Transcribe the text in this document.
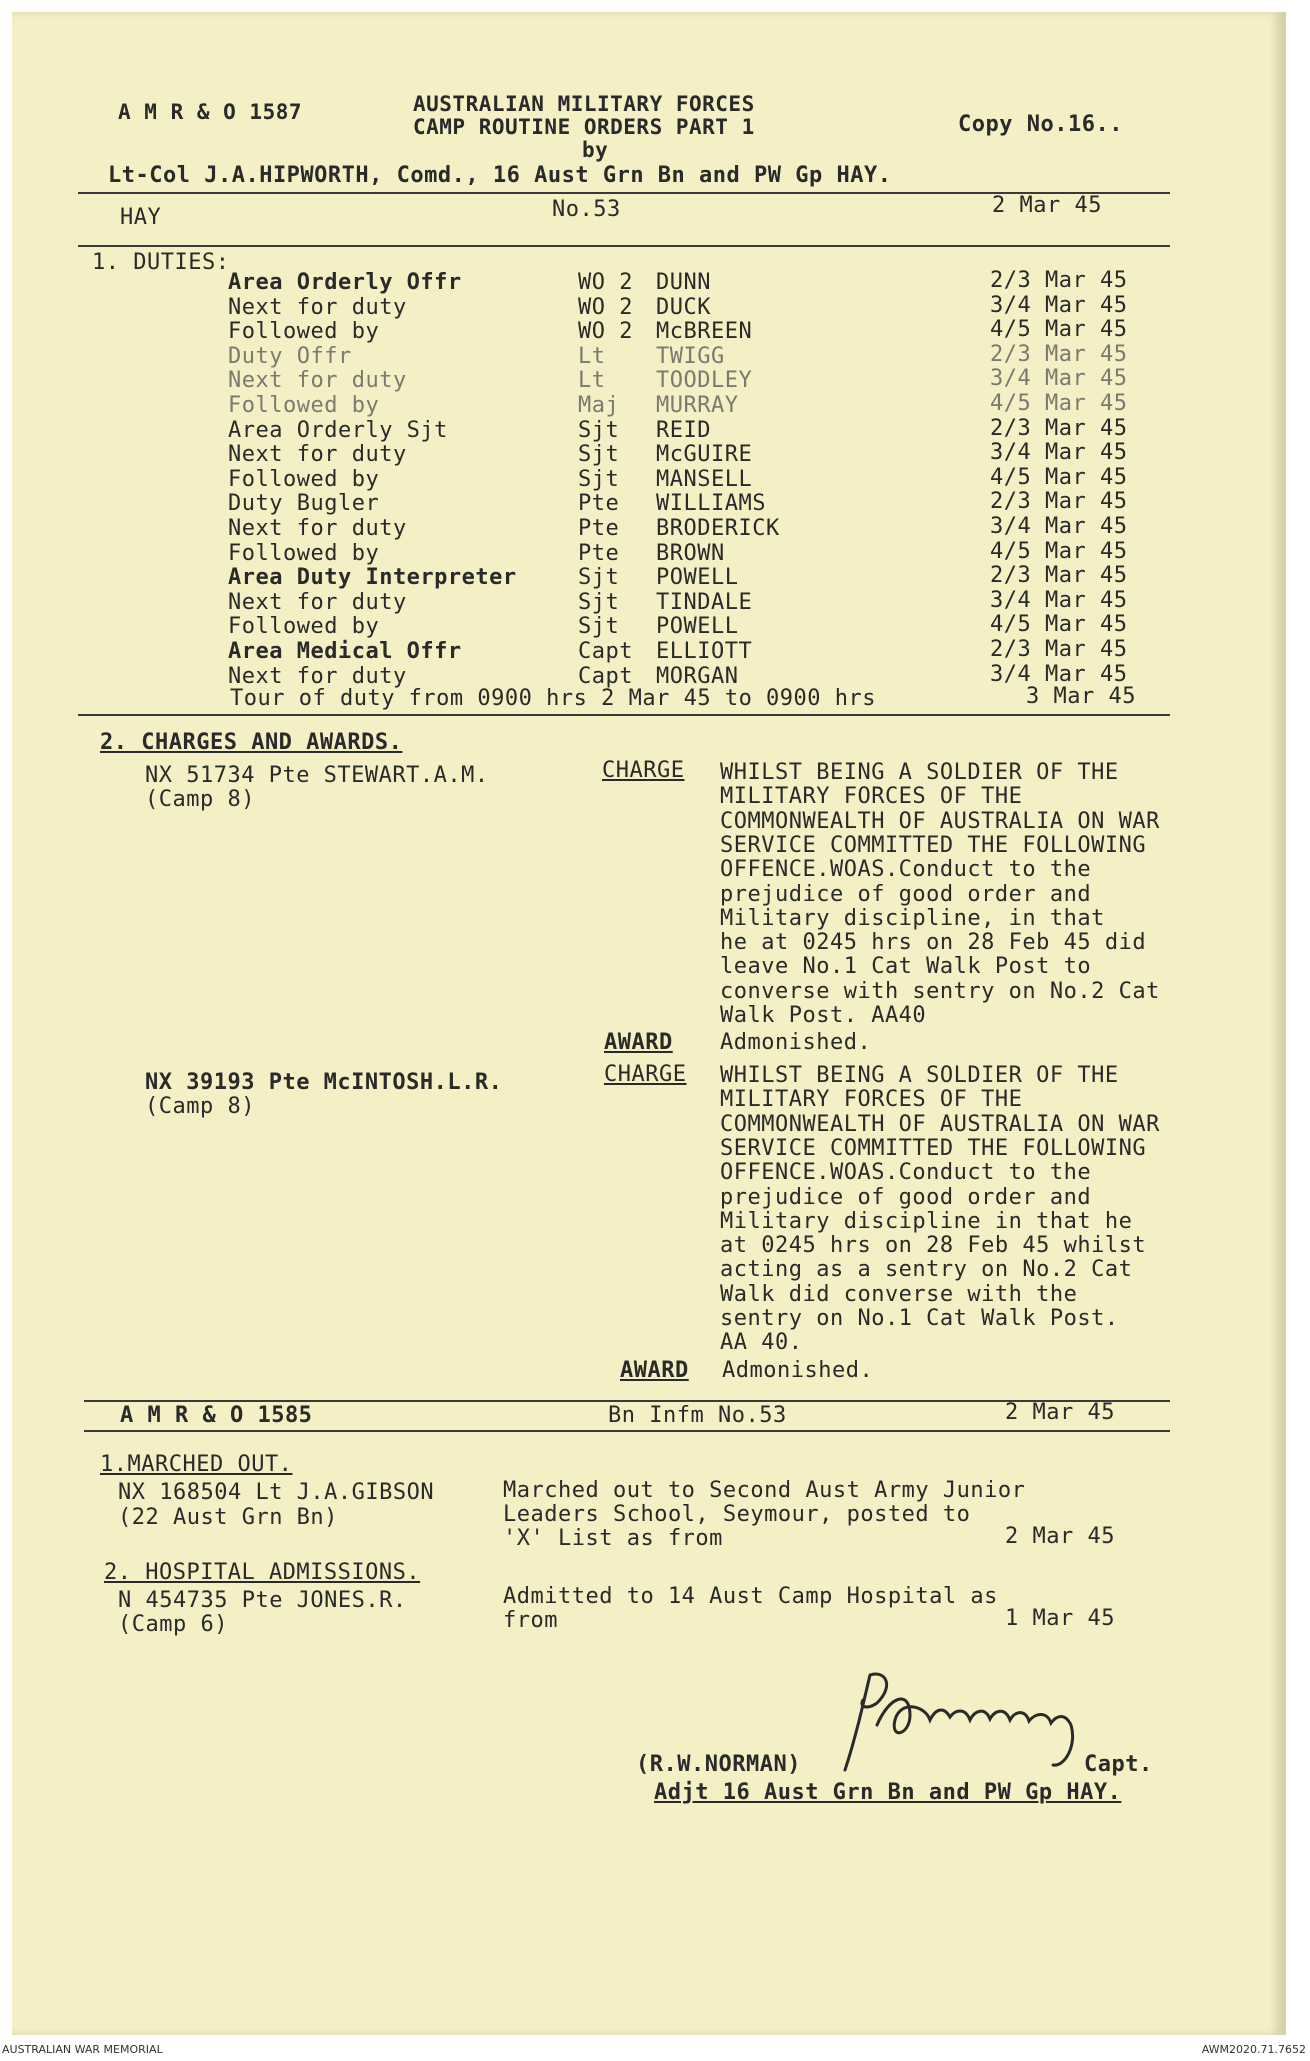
A M R & O 1587	AUSTRALIAN MILITARY FORCES
CAMP ROUTINE ORDERS PART 1
by
Copy No.16..
Lt-Col J.A.HIPWORTH, Comd., 16 Aust Grn Bn and PW Gp HAY.
HAY	No.53	2 Mar 45
1. DUTIES:
Area Orderly Offr	WO 2 DUNN	2/3 Mar 45
Next for duty	WO 2 DUCK	3/4 Mar 45
Followed by	WO 2 McBREEN	4/5 Mar 45
Duty Offr	Lt TWIGG	2/3 Mar 45
Next for duty	Lt TOODLEY	3/4 Mar 45
Followed by	Maj MURRAY	4/5 Mar 45
Area Orderly Sjt	Sjt REID	2/3 Mar 45
Next for duty	Sjt McGUIRE	3/4 Mar 45
Followed by	Sjt MANSELL	4/5 Mar 45
Duty Bugler	Pte WILLIAMS	2/3 Mar 45
Next for duty	Pte BRODERICK	3/4 Mar 45
Followed by	Pte BROWN	4/5 Mar 45
Area Duty Interpreter	Sjt POWELL	2/3 Mar 45
Next for duty	Sjt TINDALE	3/4 Mar 45
Followed by	Sjt POWELL	4/5 Mar 45
Area Medical Offr	Capt ELLIOTT	2/3 Mar 45
Next for duty	Capt MORGAN	3/4 Mar 45
Tour of duty from 0900 hrs 2 Mar 45 to 0900 hrs	3 Mar 45
2. CHARGES AND AWARDS.
NX 51734 Pte STEWART.A.M.
(Camp 8)
CHARGE WHILST BEING A SOLDIER OF THE
MILITARY FORCES OF THE
COMMONWEALTH OF AUSTRALIA ON WAR
SERVICE COMMITTED THE FOLLOWING
OFFENCE.WOAS.Conduct to the
prejudice of good order and
Military discipline, in that
he at 0245 hrs on 28 Feb 45 did
leave No.1 Cat Walk Post to
converse with sentry on No.2 Cat
Walk Post. AA40
AWARD Admonished.
NX 39193 Pte McINTOSH.L.R.
(Camp 8)
CHARGE WHILST BEING A SOLDIER OF THE
MILITARY FORCES OF THE
COMMONWEALTH OF AUSTRALIA ON WAR
SERVICE COMMITTED THE FOLLOWING
OFFENCE.WOAS.Conduct to the
prejudice of good order and
Military discipline in that he
at 0245 hrs on 28 Feb 45 whilst
acting as a sentry on No.2 Cat
Walk did converse with the
sentry on No.1 Cat Walk Post.
AA 40.
AWARD Admonished.
A M R & O 1585	Bn Infm No.53	2 Mar 45
1.MARCHED OUT.
NX 168504 Lt J.A.GIBSON
(22 Aust Grn Bn)
Marched out to Second Aust Army Junior
Leaders School, Seymour, posted to
'X' List as from	2 Mar 45
2. HOSPITAL ADMISSIONS.
N 454735 Pte JONES.R.
(Camp 6)
Admitted to 14 Aust Camp Hospital as
from	1 Mar 45
(R.W.NORMAN)	Capt.
Adjt 16 Aust Grn Bn and PW Gp HAY.
AUSTRALIAN WAR MEMORIAL	AWM2020.71.7652
